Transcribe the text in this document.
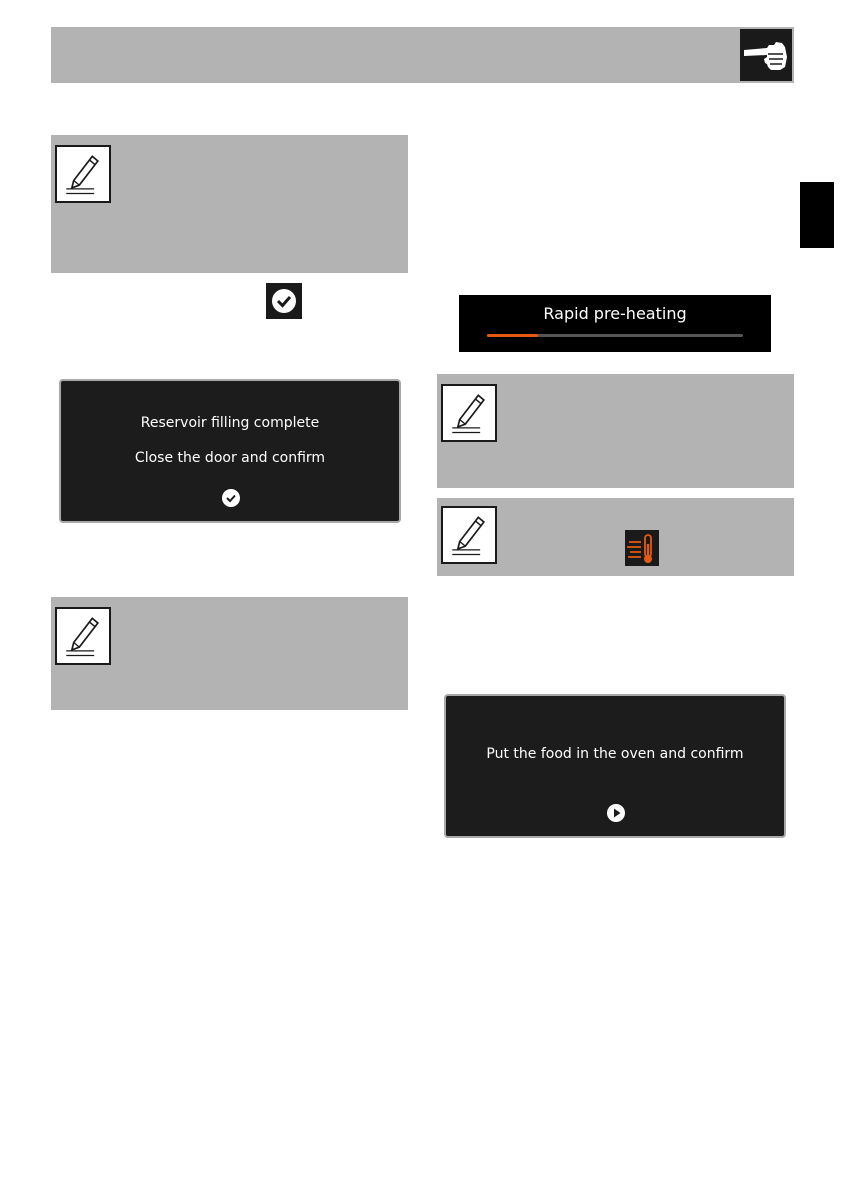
Reservoir filling complete
Close the door and confirm
Rapid pre-heating
Put the food in the oven and confirm
